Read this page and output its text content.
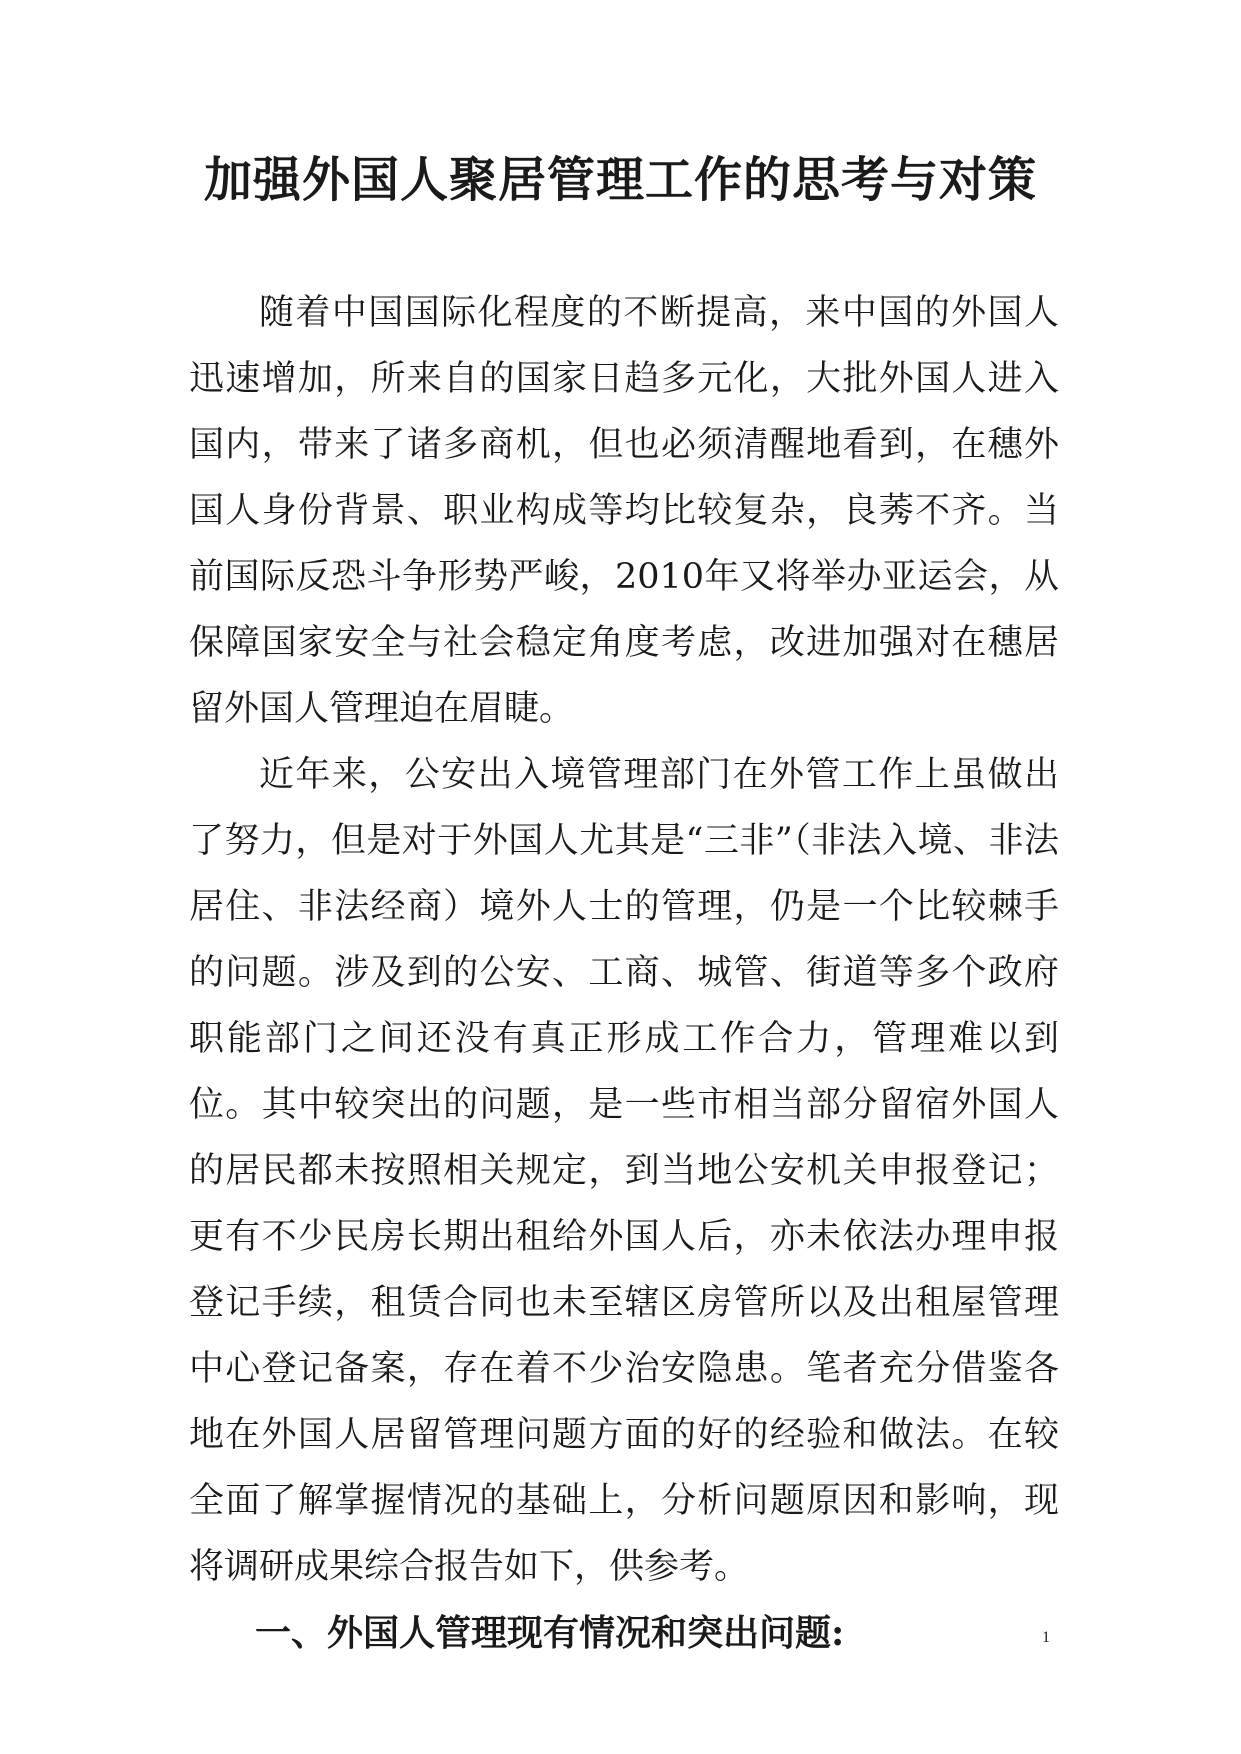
加强外国人聚居管理工作的思考与对策

随着中国国际化程度的不断提高，来中国的外国人迅速增加，所来自的国家日趋多元化，大批外国人进入国内，带来了诸多商机，但也必须清醒地看到，在穗外国人身份背景、职业构成等均比较复杂，良莠不齐。当前国际反恐斗争形势严峻，2010年又将举办亚运会，从保障国家安全与社会稳定角度考虑，改进加强对在穗居留外国人管理迫在眉睫。

近年来，公安出入境管理部门在外管工作上虽做出了努力，但是对于外国人尤其是“三非”（非法入境、非法居住、非法经商）境外人士的管理，仍是一个比较棘手的问题。涉及到的公安、工商、城管、街道等多个政府职能部门之间还没有真正形成工作合力，管理难以到位。其中较突出的问题，是一些市相当部分留宿外国人的居民都未按照相关规定，到当地公安机关申报登记；更有不少民房长期出租给外国人后，亦未依法办理申报登记手续，租赁合同也未至辖区房管所以及出租屋管理中心登记备案，存在着不少治安隐患。笔者充分借鉴各地在外国人居留管理问题方面的好的经验和做法。在较全面了解掌握情况的基础上，分析问题原因和影响，现将调研成果综合报告如下，供参考。

一、外国人管理现有情况和突出问题:	1
